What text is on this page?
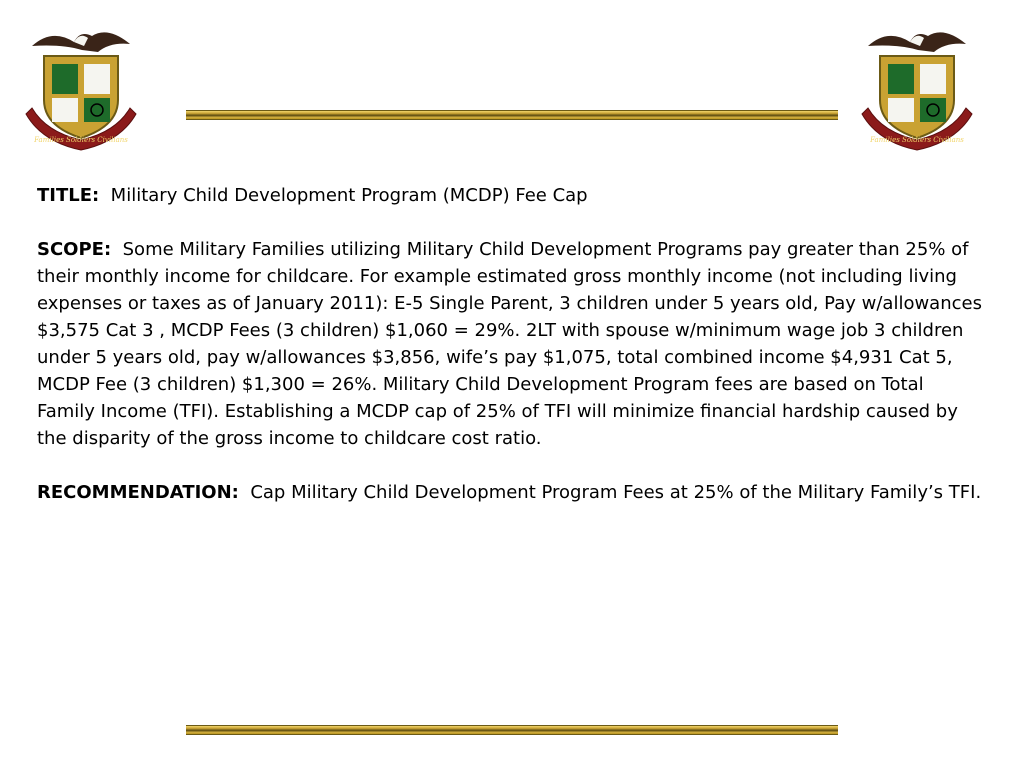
Families Soldiers Civilians	Families Soldiers Civilians

TITLE: Military Child Development Program (MCDP) Fee Cap

SCOPE: Some Military Families utilizing Military Child Development Programs pay greater than 25% of their monthly income for childcare. For example estimated gross monthly income (not including living expenses or taxes as of January 2011): E-5 Single Parent, 3 children under 5 years old, Pay w/allowances $3,575 Cat 3 , MCDP Fees (3 children) $1,060 = 29%. 2LT with spouse w/minimum wage job 3 children under 5 years old, pay w/allowances $3,856, wife’s pay $1,075, total combined income $4,931 Cat 5, MCDP Fee (3 children) $1,300 = 26%. Military Child Development Program fees are based on Total Family Income (TFI). Establishing a MCDP cap of 25% of TFI will minimize financial hardship caused by the disparity of the gross income to childcare cost ratio.

RECOMMENDATION: Cap Military Child Development Program Fees at 25% of the Military Family’s TFI.
